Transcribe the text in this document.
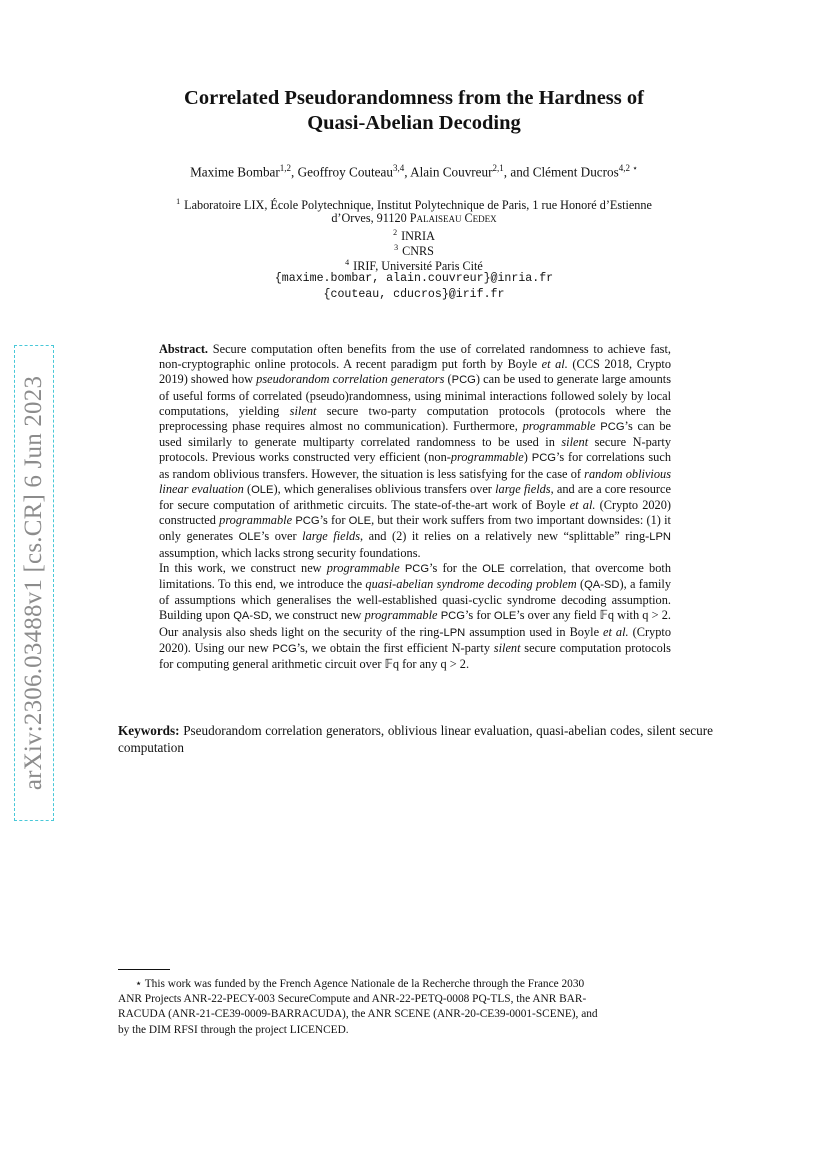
Correlated Pseudorandomness from the Hardness of
Quasi-Abelian Decoding
Maxime Bombar$^{1,2}$, Geoffroy Couteau$^{3,4}$, Alain Couvreur$^{2,1}$, and Clément Ducros$^{4,2 ⋆}$
$^1$ Laboratoire LIX, École Polytechnique, Institut Polytechnique de Paris, 1 rue Honoré d’Estienne
d’Orves, 91120 Palaiseau Cedex
$^2$ INRIA
$^3$ CNRS
$^4$ IRIF, Université Paris Cité
{maxime.bombar, alain.couvreur}@inria.fr
{couteau, cducros}@irif.fr
arXiv:2306.03488v1 [cs.CR] 6 Jun 2023

Abstract. Secure computation often benefits from the use of correlated randomness to achieve fast, non-cryptographic online protocols. A recent paradigm put forth by Boyle et al. (CCS 2018, Crypto 2019) showed how pseudorandom correlation generators (PCG) can be used to generate large amounts of useful forms of correlated (pseudo)randomness, using minimal interactions followed solely by local computations, yielding silent secure two-party computation protocols (protocols where the preprocessing phase requires almost no communication). Furthermore, programmable PCG’s can be used similarly to generate multiparty correlated randomness to be used in silent secure N-party protocols. Previous works constructed very efficient (non-programmable) PCG’s for correlations such as random oblivious transfers. However, the situation is less satisfying for the case of random oblivious linear evaluation (OLE), which generalises oblivious transfers over large fields, and are a core resource for secure computation of arithmetic circuits. The state-of-the-art work of Boyle et al. (Crypto 2020) constructed programmable PCG’s for OLE, but their work suffers from two important downsides: (1) it only generates OLE’s over large fields, and (2) it relies on a relatively new “splittable” ring-LPN assumption, which lacks strong security foundations.

In this work, we construct new programmable PCG’s for the OLE correlation, that overcome both limitations. To this end, we introduce the quasi-abelian syndrome decoding problem (QA-SD), a family of assumptions which generalises the well-established quasi-cyclic syndrome decoding assumption. Building upon QA-SD, we construct new programmable PCG’s for OLE’s over any field 𝔽q with q > 2. Our analysis also sheds light on the security of the ring-LPN assumption used in Boyle et al. (Crypto 2020). Using our new PCG’s, we obtain the first efficient N-party silent secure computation protocols for computing general arithmetic circuit over 𝔽q for any q > 2.

Keywords: Pseudorandom correlation generators, oblivious linear evaluation, quasi-abelian codes, silent secure computation
⋆ This work was funded by the French Agence Nationale de la Recherche through the France 2030
ANR Projects ANR-22-PECY-003 SecureCompute and ANR-22-PETQ-0008 PQ-TLS, the ANR BAR-
RACUDA (ANR-21-CE39-0009-BARRACUDA), the ANR SCENE (ANR-20-CE39-0001-SCENE), and
by the DIM RFSI through the project LICENCED.
